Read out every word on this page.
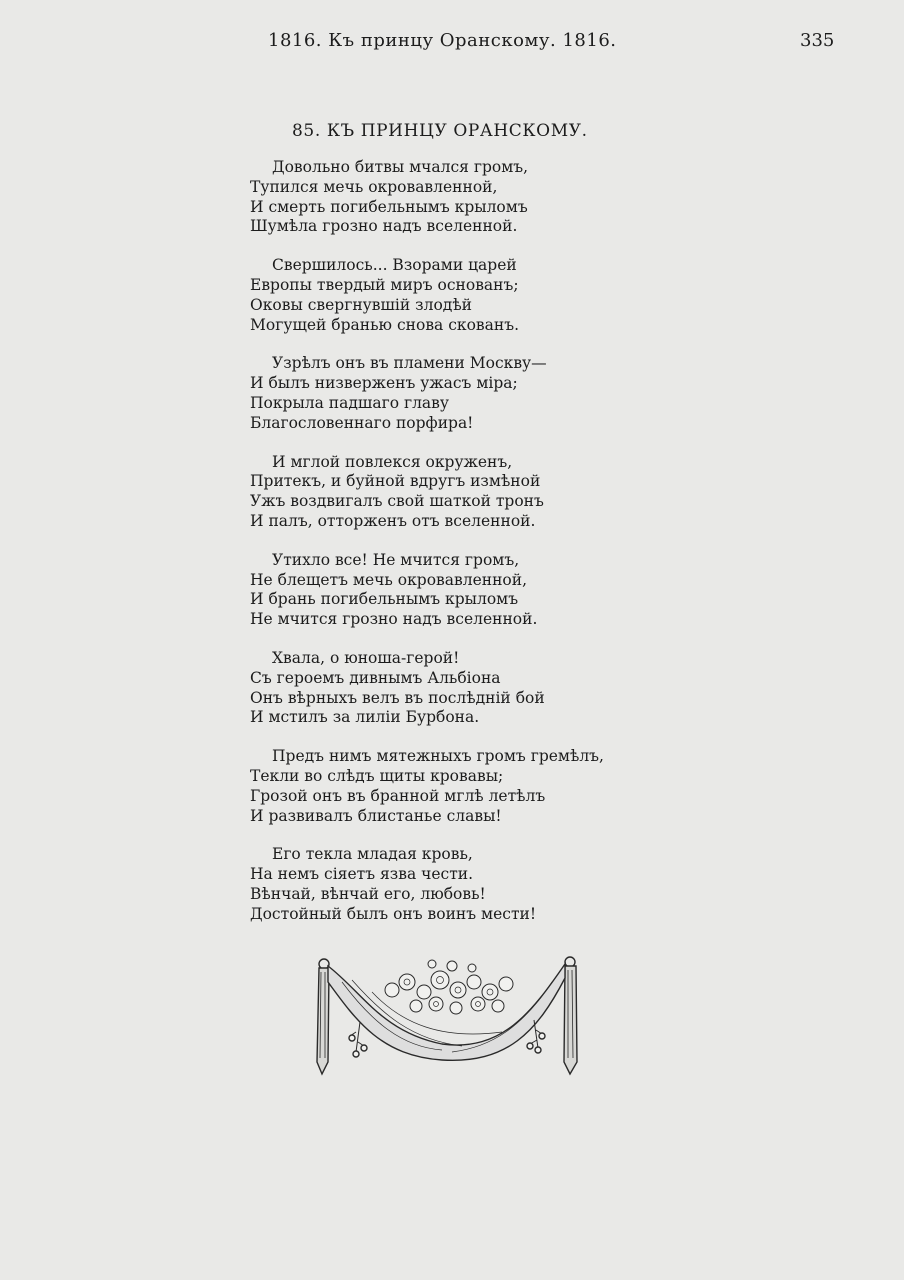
1816. Къ принцу Оранскому. 1816.	335
85. КЪ ПРИНЦУ ОРАНСКОМУ.
Довольно битвы мчался громъ,
Тупился мечь окровавленной,
И смерть погибельнымъ крыломъ
Шумѣла грозно надъ вселенной.
Свершилось... Взорами царей
Европы твердый миръ основанъ;
Оковы свергнувшій злодѣй
Могущей бранью снова скованъ.
Узрѣлъ онъ въ пламени Москву—
И былъ низверженъ ужасъ міра;
Покрыла падшаго главу
Благословеннаго порфира!
И мглой повлекся окруженъ,
Притекъ, и буйной вдругъ измѣной
Ужъ воздвигалъ свой шаткой тронъ
И палъ, отторженъ отъ вселенной.
Утихло все! Не мчится громъ,
Не блещетъ мечь окровавленной,
И брань погибельнымъ крыломъ
Не мчится грозно надъ вселенной.
Хвала, о юноша-герой!
Съ героемъ дивнымъ Альбіона
Онъ вѣрныхъ велъ въ послѣдній бой
И мстилъ за лиліи Бурбона.
Предъ нимъ мятежныхъ громъ гремѣлъ,
Текли во слѣдъ щиты кровавы;
Грозой онъ въ бранной мглѣ летѣлъ
И развивалъ блистанье славы!
Его текла младая кровь,
На немъ сіяетъ язва чести.
Вѣнчай, вѣнчай его, любовь!
Достойный былъ онъ воинъ мести!
